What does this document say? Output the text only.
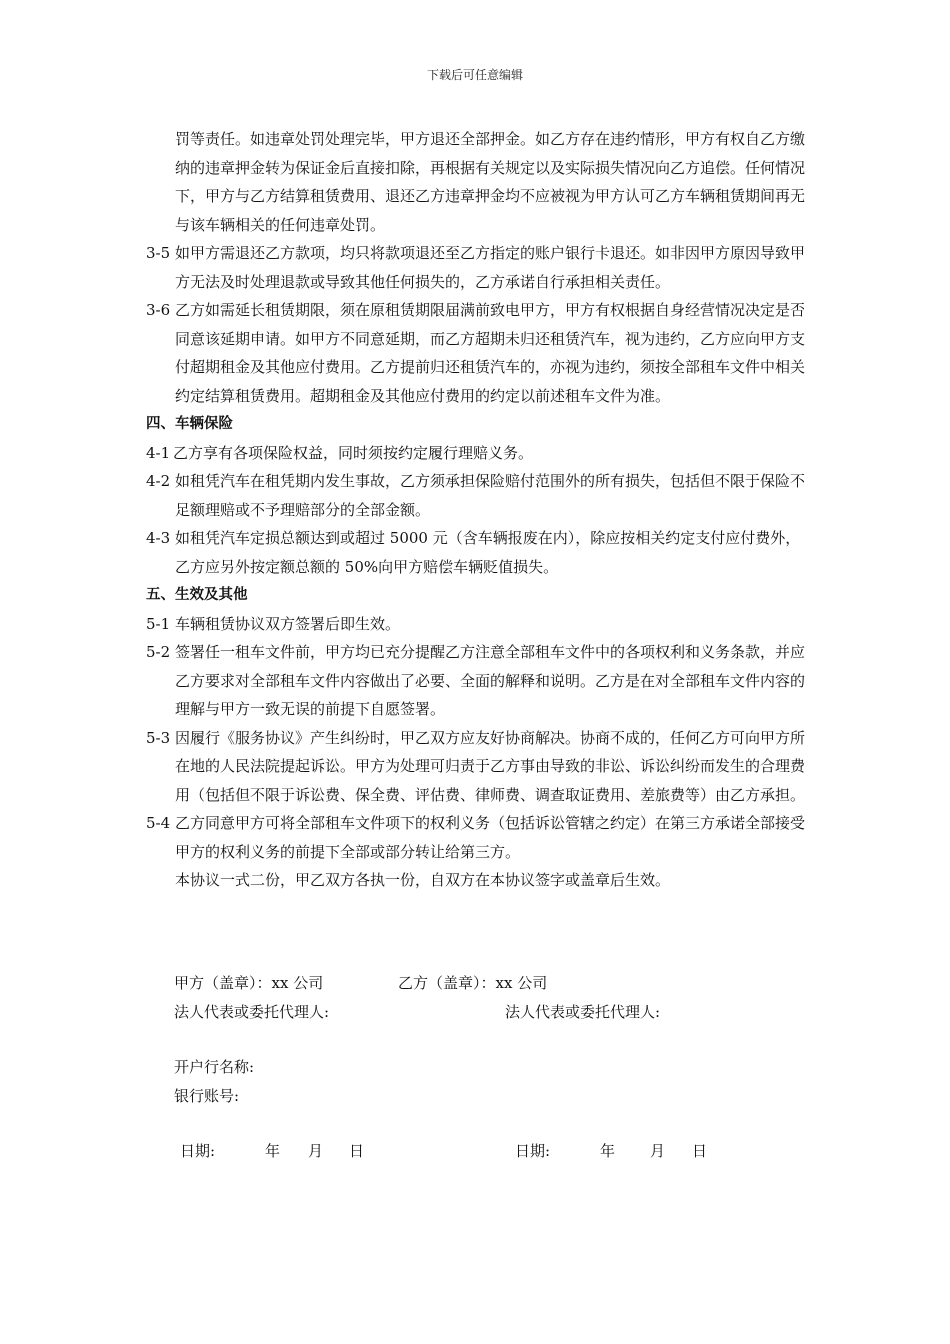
下载后可任意编辑

罚等责任。如违章处罚处理完毕，甲方退还全部押金。如乙方存在违约情形，甲方有权自乙方缴纳的违章押金转为保证金后直接扣除，再根据有关规定以及实际损失情况向乙方追偿。任何情况下，甲方与乙方结算租赁费用、退还乙方违章押金均不应被视为甲方认可乙方车辆租赁期间再无与该车辆相关的任何违章处罚。

3-5 如甲方需退还乙方款项，均只将款项退还至乙方指定的账户银行卡退还。如非因甲方原因导致甲方无法及时处理退款或导致其他任何损失的，乙方承诺自行承担相关责任。
3-6 乙方如需延长租赁期限，须在原租赁期限届满前致电甲方，甲方有权根据自身经营情况决定是否同意该延期申请。如甲方不同意延期，而乙方超期未归还租赁汽车，视为违约，乙方应向甲方支付超期租金及其他应付费用。乙方提前归还租赁汽车的，亦视为违约，须按全部租车文件中相关约定结算租赁费用。超期租金及其他应付费用的约定以前述租车文件为准。

四、车辆保险

4-1 乙方享有各项保险权益，同时须按约定履行理赔义务。
4-2 如租凭汽车在租凭期内发生事故，乙方须承担保险赔付范围外的所有损失，包括但不限于保险不足额理赔或不予理赔部分的全部金额。
4-3 如租凭汽车定损总额达到或超过 5000 元（含车辆报废在内），除应按相关约定支付应付费外，乙方应另外按定额总额的 50%向甲方赔偿车辆贬值损失。

五、生效及其他

5-1 车辆租赁协议双方签署后即生效。
5-2 签署任一租车文件前，甲方均已充分提醒乙方注意全部租车文件中的各项权利和义务条款，并应乙方要求对全部租车文件内容做出了必要、全面的解释和说明。乙方是在对全部租车文件内容的理解与甲方一致无误的前提下自愿签署。
5-3 因履行《服务协议》产生纠纷时，甲乙双方应友好协商解决。协商不成的，任何乙方可向甲方所在地的人民法院提起诉讼。甲方为处理可归责于乙方事由导致的非讼、诉讼纠纷而发生的合理费用（包括但不限于诉讼费、保全费、评估费、律师费、调查取证费用、差旅费等）由乙方承担。
5-4 乙方同意甲方可将全部租车文件项下的权利义务（包括诉讼管辖之约定）在第三方承诺全部接受甲方的权利义务的前提下全部或部分转让给第三方。

本协议一式二份，甲乙双方各执一份，自双方在本协议签字或盖章后生效。

甲方（盖章）：xx 公司	乙方（盖章）：xx 公司
法人代表或委托代理人:	法人代表或委托代理人:
开户行名称:
银行账号:
日期:	年 月 日	日期:	年 月 日
